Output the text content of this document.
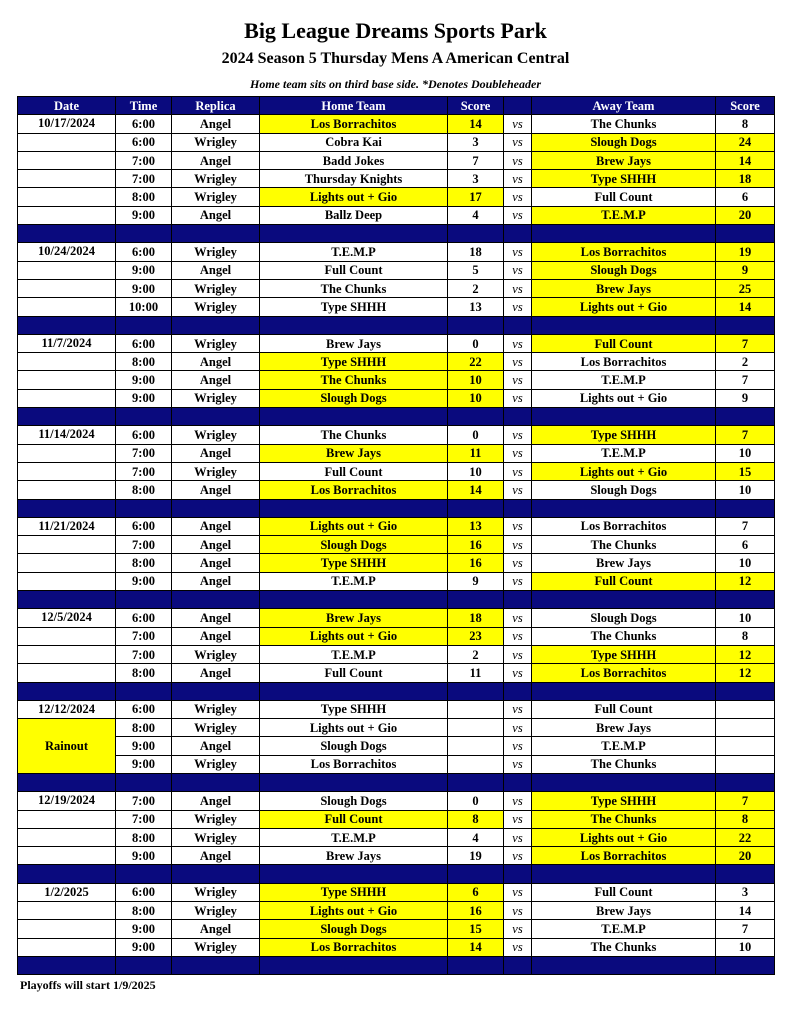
Big League Dreams Sports Park
2024 Season 5 Thursday Mens A American Central
Home team sits on third base side. *Denotes Doubleheader
Date	Time	Replica	Home Team	Score		Away Team	Score
10/17/2024	6:00	Angel	Los Borrachitos	14	vs	The Chunks	8
	6:00	Wrigley	Cobra Kai	3	vs	Slough Dogs	24
	7:00	Angel	Badd Jokes	7	vs	Brew Jays	14
	7:00	Wrigley	Thursday Knights	3	vs	Type SHHH	18
	8:00	Wrigley	Lights out + Gio	17	vs	Full Count	6
	9:00	Angel	Ballz Deep	4	vs	T.E.M.P	20

10/24/2024	6:00	Wrigley	T.E.M.P	18	vs	Los Borrachitos	19
	9:00	Angel	Full Count	5	vs	Slough Dogs	9
	9:00	Wrigley	The Chunks	2	vs	Brew Jays	25
	10:00	Wrigley	Type SHHH	13	vs	Lights out + Gio	14

11/7/2024	6:00	Wrigley	Brew Jays	0	vs	Full Count	7
	8:00	Angel	Type SHHH	22	vs	Los Borrachitos	2
	9:00	Angel	The Chunks	10	vs	T.E.M.P	7
	9:00	Wrigley	Slough Dogs	10	vs	Lights out + Gio	9

11/14/2024	6:00	Wrigley	The Chunks	0	vs	Type SHHH	7
	7:00	Angel	Brew Jays	11	vs	T.E.M.P	10
	7:00	Wrigley	Full Count	10	vs	Lights out + Gio	15
	8:00	Angel	Los Borrachitos	14	vs	Slough Dogs	10

11/21/2024	6:00	Angel	Lights out + Gio	13	vs	Los Borrachitos	7
	7:00	Angel	Slough Dogs	16	vs	The Chunks	6
	8:00	Angel	Type SHHH	16	vs	Brew Jays	10
	9:00	Angel	T.E.M.P	9	vs	Full Count	12

12/5/2024	6:00	Angel	Brew Jays	18	vs	Slough Dogs	10
	7:00	Angel	Lights out + Gio	23	vs	The Chunks	8
	7:00	Wrigley	T.E.M.P	2	vs	Type SHHH	12
	8:00	Angel	Full Count	11	vs	Los Borrachitos	12

12/12/2024	6:00	Wrigley	Type SHHH		vs	Full Count	
Rainout	8:00	Wrigley	Lights out + Gio		vs	Brew Jays	
	9:00	Angel	Slough Dogs		vs	T.E.M.P	
	9:00	Wrigley	Los Borrachitos		vs	The Chunks	

12/19/2024	7:00	Angel	Slough Dogs	0	vs	Type SHHH	7
	7:00	Wrigley	Full Count	8	vs	The Chunks	8
	8:00	Wrigley	T.E.M.P	4	vs	Lights out + Gio	22
	9:00	Angel	Brew Jays	19	vs	Los Borrachitos	20

1/2/2025	6:00	Wrigley	Type SHHH	6	vs	Full Count	3
	8:00	Wrigley	Lights out + Gio	16	vs	Brew Jays	14
	9:00	Angel	Slough Dogs	15	vs	T.E.M.P	7
	9:00	Wrigley	Los Borrachitos	14	vs	The Chunks	10

Playoffs will start 1/9/2025
